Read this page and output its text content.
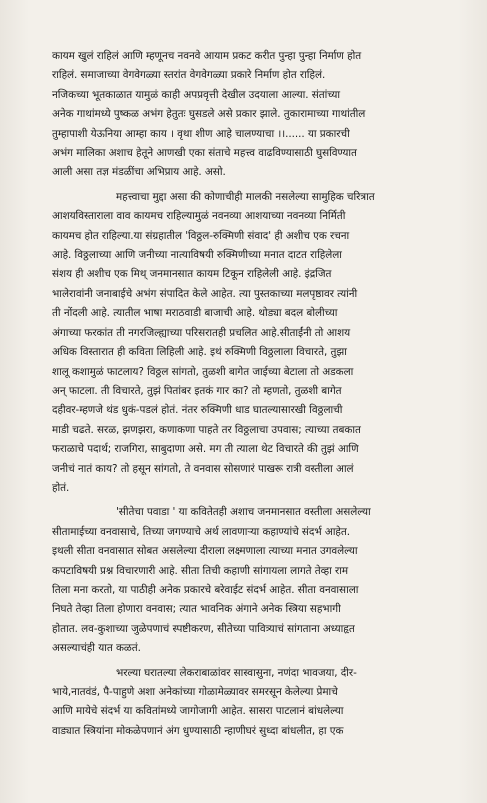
कायम खुलं राहिलं आणि म्हणूनच नवनवे आयाम प्रकट करीत पुन्हा पुन्हा निर्माण होत
राहिलं. समाजाच्या वेगवेगळ्या स्तरांत वेगवेगळ्या प्रकारे निर्माण होत राहिलं.
नजिकच्या भूतकाळात यामुळं काही अपप्रवृत्ती देखील उदयाला आल्या. संतांच्या
अनेक गाथांमध्ये पुष्कळ अभंग हेतुतः घुसडले असे प्रकार झाले. तुकारामाच्या गाथांतील
तुम्हापाशी येऊनिया आम्हा काय । वृथा शीण आहे चालण्याचा ।।...... या प्रकारची
अभंग मालिका अशाच हेतूने आणखी एका संताचे महत्त्व वाढविण्यासाठी घुसविण्यात
आली असा तज्ञ मंडळींचा अभिप्राय आहे. असो.
महत्त्वाचा मुद्दा असा की कोणाचीही मालकी नसलेल्या सामुहिक चरित्रात
आशयविस्ताराला वाव कायमच राहिल्यामुळं नवनव्या आशयाच्या नवनव्या निर्मिती
कायमच होत राहिल्या.या संग्रहातील 'विठ्ठल-रुक्मिणी संवाद' ही अशीच एक रचना
आहे. विठ्ठलाच्या आणि जनीच्या नात्याविषयी रुक्मिणीच्या मनात दाटत राहिलेला
संशय ही अशीच एक मिथ् जनमानसात कायम टिकून राहिलेली आहे. इंद्रजित
भालेरावांनी जनाबाईचे अभंग संपादित केले आहेत. त्या पुस्तकाच्या मलपृष्ठावर त्यांनी
ती नोंदली आहे. त्यातील भाषा मराठवाडी बाजाची आहे. थोड्या बदल बोलीच्या
अंगाच्या फरकांत ती नगरजिल्ह्याच्या परिसरातही प्रचलित आहे.सीताईंनी तो आशय
अधिक विस्तारात ही कविता लिहिली आहे. इथं रुक्मिणी विठ्ठलाला विचारते, तुझा
शालू कशामुळं फाटलाय? विठ्ठल सांगतो, तुळशी बागेत जाईच्या बेटाला तो अडकला
अन् फाटला. ती विचारते, तुझं पितांबर इतकं गार का? तो म्हणतो, तुळशी बागेत
दहीवर-म्हणजे थंड धुकं-पडलं होतं. नंतर रुक्मिणी धाड घातल्यासारखी विठ्ठलाची
माडी चढते. सरळ, झणझरा, कणाकणा पाहते तर विठ्ठलाचा उपवास; त्याच्या तबकात
फराळाचे पदार्थ; राजगिरा, साबुदाणा असे. मग ती त्याला थेट विचारते की तुझं आणि
जनीचं नातं काय? तो हसून सांगतो, ते वनवास सोसणारं पाखरू रात्री वस्तीला आलं
होतं.
'सीतेचा पवाडा ' या कवितेतही अशाच जनमानसात वस्तीला असलेल्या
सीतामाईच्या वनवासाचे, तिच्या जगण्याचे अर्थ लावणाऱ्या कहाण्यांचे संदर्भ आहेत.
इथली सीता वनवासात सोबत असलेल्या दीराला लक्ष्मणाला त्याच्या मनात उगवलेल्या
कपटाविषयी प्रश्न विचारणारी आहे. सीता तिची कहाणी सांगायला लागते तेव्हा राम
तिला मना करतो, या पाठीही अनेक प्रकारचे बरेवाईट संदर्भ आहेत. सीता वनवासाला
निघते तेव्हा तिला होणारा वनवास; त्यात भावनिक अंगाने अनेक स्त्रिया सहभागी
होतात. लव-कुशाच्या जुळेपणाचं स्पष्टीकरण, सीतेच्या पावित्र्याचं सांगताना अध्याहृत
असल्याचंही यात कळतं.
भरल्या घरातल्या लेकराबाळांवर सास्वासुना, नणंदा भावजया, दीर-
भाये,नातवंडं, पै-पाहुणे अशा अनेकांच्या गोळामेळ्यावर समरसून केलेल्या प्रेमाचे
आणि मायेचे संदर्भ या कवितांमध्ये जागोजागी आहेत. सासरा पाटलानं बांधलेल्या
वाड्यात स्त्रियांना मोकळेपणानं अंग धुण्यासाठी न्हाणीघरं सुध्दा बांधलीत, हा एक
